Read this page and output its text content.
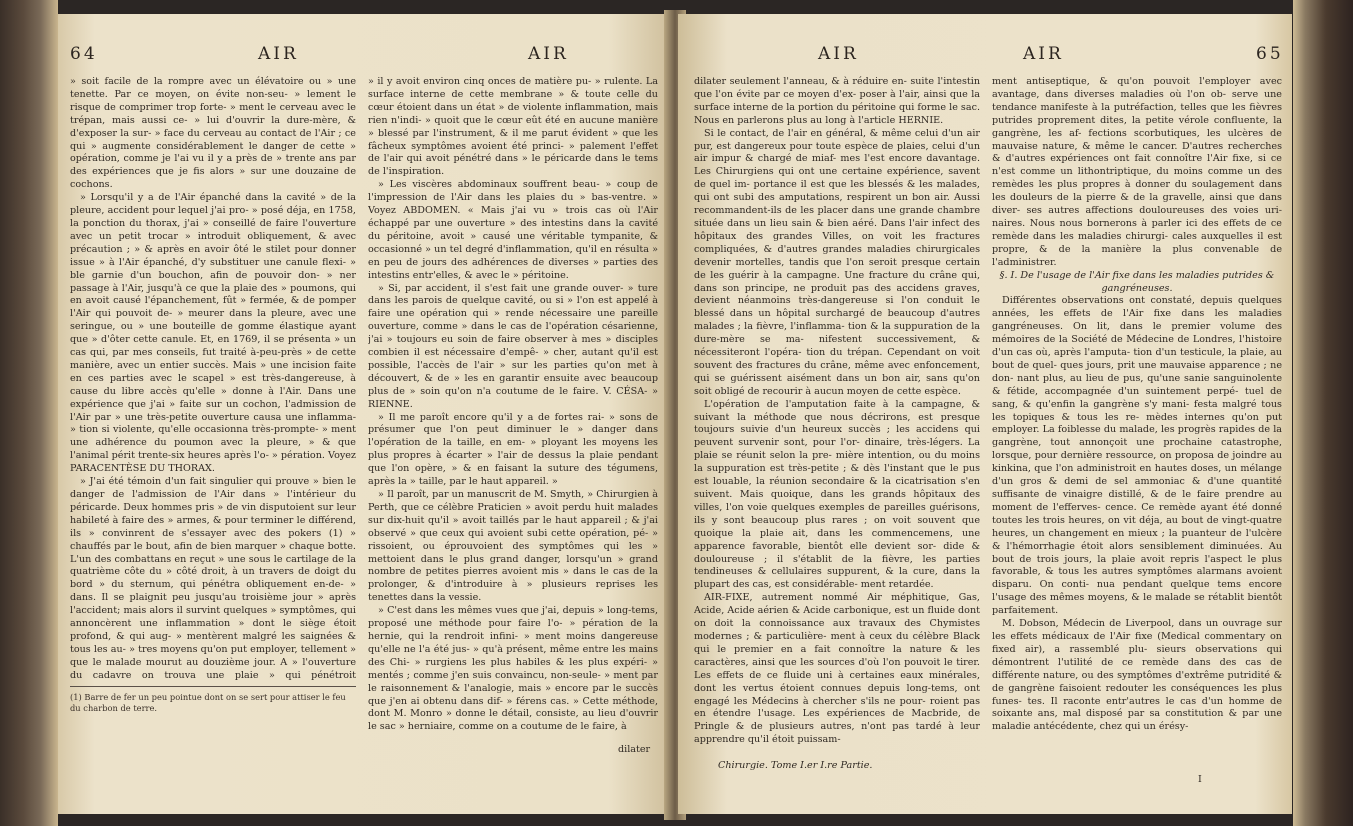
64	AIR	AIR

» soit facile de la rompre avec un élévatoire ou » une tenette. Par ce moyen, on évite non-seu- » lement le risque de comprimer trop forte- » ment le cerveau avec le trépan, mais aussi ce- » lui d'ouvrir la dure-mère, & d'exposer la sur- » face du cerveau au contact de l'Air ; ce qui » augmente considérablement le danger de cette » opération, comme je l'ai vu il y a près de » trente ans par des expériences que je fis alors » sur une douzaine de cochons.

» Lorsqu'il y a de l'Air épanché dans la cavité » de la pleure, accident pour lequel j'ai pro- » posé déja, en 1758, la ponction du thorax, j'ai » conseillé de faire l'ouverture avec un petit trocar » introduit obliquement, & avec précaution ; » & après en avoir ôté le stilet pour donner issue » à l'Air épanché, d'y substituer une canule flexi- » ble garnie d'un bouchon, afin de pouvoir don- » ner passage à l'Air, jusqu'à ce que la plaie des » poumons, qui en avoit causé l'épanchement, fût » fermée, & de pomper l'Air qui pouvoit de- » meurer dans la pleure, avec une seringue, ou » une bouteille de gomme élastique ayant que » d'ôter cette canule. Et, en 1769, il se présenta » un cas qui, par mes conseils, fut traité à-peu-près » de cette manière, avec un entier succès. Mais » une incision faite en ces parties avec le scapel » est très-dangereuse, à cause du libre accès qu'elle » donne à l'Air. Dans une expérience que j'ai » faite sur un cochon, l'admission de l'Air par » une très-petite ouverture causa une inflamma- » tion si violente, qu'elle occasionna très-prompte- » ment une adhérence du poumon avec la pleure, » & que l'animal périt trente-six heures après l'o- » pération. Voyez PARACENTÈSE DU THORAX.

» J'ai été témoin d'un fait singulier qui prouve » bien le danger de l'admission de l'Air dans » l'intérieur du péricarde. Deux hommes pris » de vin disputoient sur leur habileté à faire des » armes, & pour terminer le différend, ils » convinrent de s'essayer avec des pokers (1) » chauffés par le bout, afin de bien marquer » chaque botte. L'un des combattans en reçut » une sous le cartilage de la quatrième côte du » côté droit, à un travers de doigt du bord » du sternum, qui pénétra obliquement en-de- » dans. Il se plaignit peu jusqu'au troisième jour » après l'accident; mais alors il survint quelques » symptômes, qui annoncèrent une inflammation » dont le siège étoit profond, & qui aug- » mentèrent malgré les saignées & tous les au- » tres moyens qu'on put employer, tellement » que le malade mourut au douzième jour. A » l'ouverture du cadavre on trouva une plaie » qui pénétroit

(1) Barre de fer un peu pointue dont on se sert pour attiser le feu du charbon de terre.

» il y avoit environ cinq onces de matière pu- » rulente. La surface interne de cette membrane » & toute celle du cœur étoient dans un état » de violente inflammation, mais rien n'indi- » quoit que le cœur eût été en aucune manière » blessé par l'instrument, & il me parut évident » que les fâcheux symptômes avoient été princi- » palement l'effet de l'air qui avoit pénétré dans » le péricarde dans le tems de l'inspiration.

» Les viscères abdominaux souffrent beau- » coup de l'impression de l'Air dans les plaies du » bas-ventre. » Voyez ABDOMEN. « Mais j'ai vu » trois cas où l'Air échappé par une ouverture » des intestins dans la cavité du péritoine, avoit » causé une véritable tympanite, & occasionné » un tel degré d'inflammation, qu'il en résulta » en peu de jours des adhérences de diverses » parties des intestins entr'elles, & avec le » péritoine.

» Si, par accident, il s'est fait une grande ouver- » ture dans les parois de quelque cavité, ou si » l'on est appelé à faire une opération qui » rende nécessaire une pareille ouverture, comme » dans le cas de l'opération césarienne, j'ai » toujours eu soin de faire observer à mes » disciples combien il est nécessaire d'empê- » cher, autant qu'il est possible, l'accès de l'air » sur les parties qu'on met à découvert, & de » les en garantir ensuite avec beaucoup plus de » soin qu'on n'a coutume de le faire. V. CÉSA- » RIENNE.

» Il me paroît encore qu'il y a de fortes rai- » sons de présumer que l'on peut diminuer le » danger dans l'opération de la taille, en em- » ployant les moyens les plus propres à écarter » l'air de dessus la plaie pendant que l'on opère, » & en faisant la suture des tégumens, après la » taille, par le haut appareil. »

» Il paroît, par un manuscrit de M. Smyth, » Chirurgien à Perth, que ce célèbre Praticien » avoit perdu huit malades sur dix-huit qu'il » avoit taillés par le haut appareil ; & j'ai observé » que ceux qui avoient subi cette opération, pé- » rissoient, ou éprouvoient des symptômes qui les » mettoient dans le plus grand danger, lorsqu'un » grand nombre de petites pierres avoient mis » dans le cas de la prolonger, & d'introduire à » plusieurs reprises les tenettes dans la vessie.

» C'est dans les mêmes vues que j'ai, depuis » long-tems, proposé une méthode pour faire l'o- » pération de la hernie, qui la rendroit infini- » ment moins dangereuse qu'elle ne l'a été jus- » qu'à présent, même entre les mains des Chi- » rurgiens les plus habiles & les plus expéri- » mentés ; comme j'en suis convaincu, non-seule- » ment par le raisonnement & l'analogie, mais » encore par le succès que j'en ai obtenu dans dif- » férens cas. » Cette méthode, dont M. Monro » donne le détail, consiste, au lieu d'ouvrir le sac » herniaire, comme on a coutume de le faire, à

dilater
AIR	AIR	65

dilater seulement l'anneau, & à réduire en- suite l'intestin que l'on évite par ce moyen d'ex- poser à l'air, ainsi que la surface interne de la portion du péritoine qui forme le sac. Nous en parlerons plus au long à l'article HERNIE.

Si le contact, de l'air en général, & même celui d'un air pur, est dangereux pour toute espèce de plaies, celui d'un air impur & chargé de miaf- mes l'est encore davantage. Les Chirurgiens qui ont une certaine expérience, savent de quel im- portance il est que les blessés & les malades, qui ont subi des amputations, respirent un bon air. Aussi recommandent-ils de les placer dans une grande chambre située dans un lieu sain & bien aéré. Dans l'air infect des hôpitaux des grandes Villes, on voit les fractures compliquées, & d'autres grandes maladies chirurgicales devenir mortelles, tandis que l'on seroit presque certain de les guérir à la campagne. Une fracture du crâne qui, dans son principe, ne produit pas des accidens graves, devient néanmoins très-dangereuse si l'on conduit le blessé dans un hôpital surchargé de beaucoup d'autres malades ; la fièvre, l'inflamma- tion & la suppuration de la dure-mère se ma- nifestent successivement, & nécessiteront l'opéra- tion du trépan. Cependant on voit souvent des fractures du crâne, même avec enfoncement, qui se guérissent aisément dans un bon air, sans qu'on soit obligé de recourir à aucun moyen de cette espèce.

L'opération de l'amputation faite à la campagne, & suivant la méthode que nous décrirons, est presque toujours suivie d'un heureux succès ; les accidens qui peuvent survenir sont, pour l'or- dinaire, très-légers. La plaie se réunit selon la pre- mière intention, ou du moins la suppuration est très-petite ; & dès l'instant que le pus est louable, la réunion secondaire & la cicatrisation s'en suivent. Mais quoique, dans les grands hôpitaux des villes, l'on voie quelques exemples de pareilles guérisons, ils y sont beaucoup plus rares ; on voit souvent que quoique la plaie ait, dans les commencemens, une apparence favorable, bientôt elle devient sor- dide & douloureuse ; il s'établit de la fièvre, les parties tendineuses & cellulaires suppurent, & la cure, dans la plupart des cas, est considérable- ment retardée.

AIR-FIXE, autrement nommé Air méphitique, Gas, Acide, Acide aérien & Acide carbonique, est un fluide dont on doit la connoissance aux travaux des Chymistes modernes ; & particulière- ment à ceux du célèbre Black qui le premier en a fait connoître la nature & les caractères, ainsi que les sources d'où l'on pouvoit le tirer. Les effets de ce fluide uni à certaines eaux minérales, dont les vertus étoient connues depuis long-tems, ont engagé les Médecins à chercher s'ils ne pour- roient pas en étendre l'usage. Les expériences de Macbride, de Pringle & de plusieurs autres, n'ont pas tardé à leur apprendre qu'il étoit puissam-

Chirurgie. Tome I.er I.re Partie.

ment antiseptique, & qu'on pouvoit l'employer avec avantage, dans diverses maladies où l'on ob- serve une tendance manifeste à la putréfaction, telles que les fièvres putrides proprement dites, la petite vérole confluente, la gangrène, les af- fections scorbutiques, les ulcères de mauvaise nature, & même le cancer. D'autres recherches & d'autres expériences ont fait connoître l'Air fixe, si ce n'est comme un lithontriptique, du moins comme un des remèdes les plus propres à donner du soulagement dans les douleurs de la pierre & de la gravelle, ainsi que dans diver- ses autres affections douloureuses des voies uri- naires. Nous nous bornerons à parler ici des effets de ce remède dans les maladies chirurgi- cales auxquelles il est propre, & de la manière la plus convenable de l'administrer.

§. I. De l'usage de l'Air fixe dans les maladies putrides & gangréneuses.

Différentes observations ont constaté, depuis quelques années, les effets de l'Air fixe dans les maladies gangréneuses. On lit, dans le premier volume des mémoires de la Société de Médecine de Londres, l'histoire d'un cas où, après l'amputa- tion d'un testicule, la plaie, au bout de quel- ques jours, prit une mauvaise apparence ; ne don- nant plus, au lieu de pus, qu'une sanie sanguinolente & fétide, accompagnée d'un suintement perpé- tuel de sang, & qu'enfin la gangrène s'y mani- festa malgré tous les topiques & tous les re- mèdes internes qu'on put employer. La foiblesse du malade, les progrès rapides de la gangrène, tout annonçoit une prochaine catastrophe, lorsque, pour dernière ressource, on proposa de joindre au kinkina, que l'on administroit en hautes doses, un mélange d'un gros & demi de sel ammoniac & d'une quantité suffisante de vinaigre distillé, & de le faire prendre au moment de l'efferves- cence. Ce remède ayant été donné toutes les trois heures, on vit déja, au bout de vingt-quatre heures, un changement en mieux ; la puanteur de l'ulcère & l'hémorrhagie étoit alors sensiblement diminuées. Au bout de trois jours, la plaie avoit repris l'aspect le plus favorable, & tous les autres symptômes alarmans avoient disparu. On conti- nua pendant quelque tems encore l'usage des mêmes moyens, & le malade se rétablit bientôt parfaitement.

M. Dobson, Médecin de Liverpool, dans un ouvrage sur les effets médicaux de l'Air fixe (Medical commentary on fixed air), a rassemblé plu- sieurs observations qui démontrent l'utilité de ce remède dans des cas de différente nature, ou des symptômes d'extrême putridité & de gangrène faisoient redouter les conséquences les plus funes- tes. Il raconte entr'autres le cas d'un homme de soixante ans, mal disposé par sa constitution & par une maladie antécédente, chez qui un érésy-

I
